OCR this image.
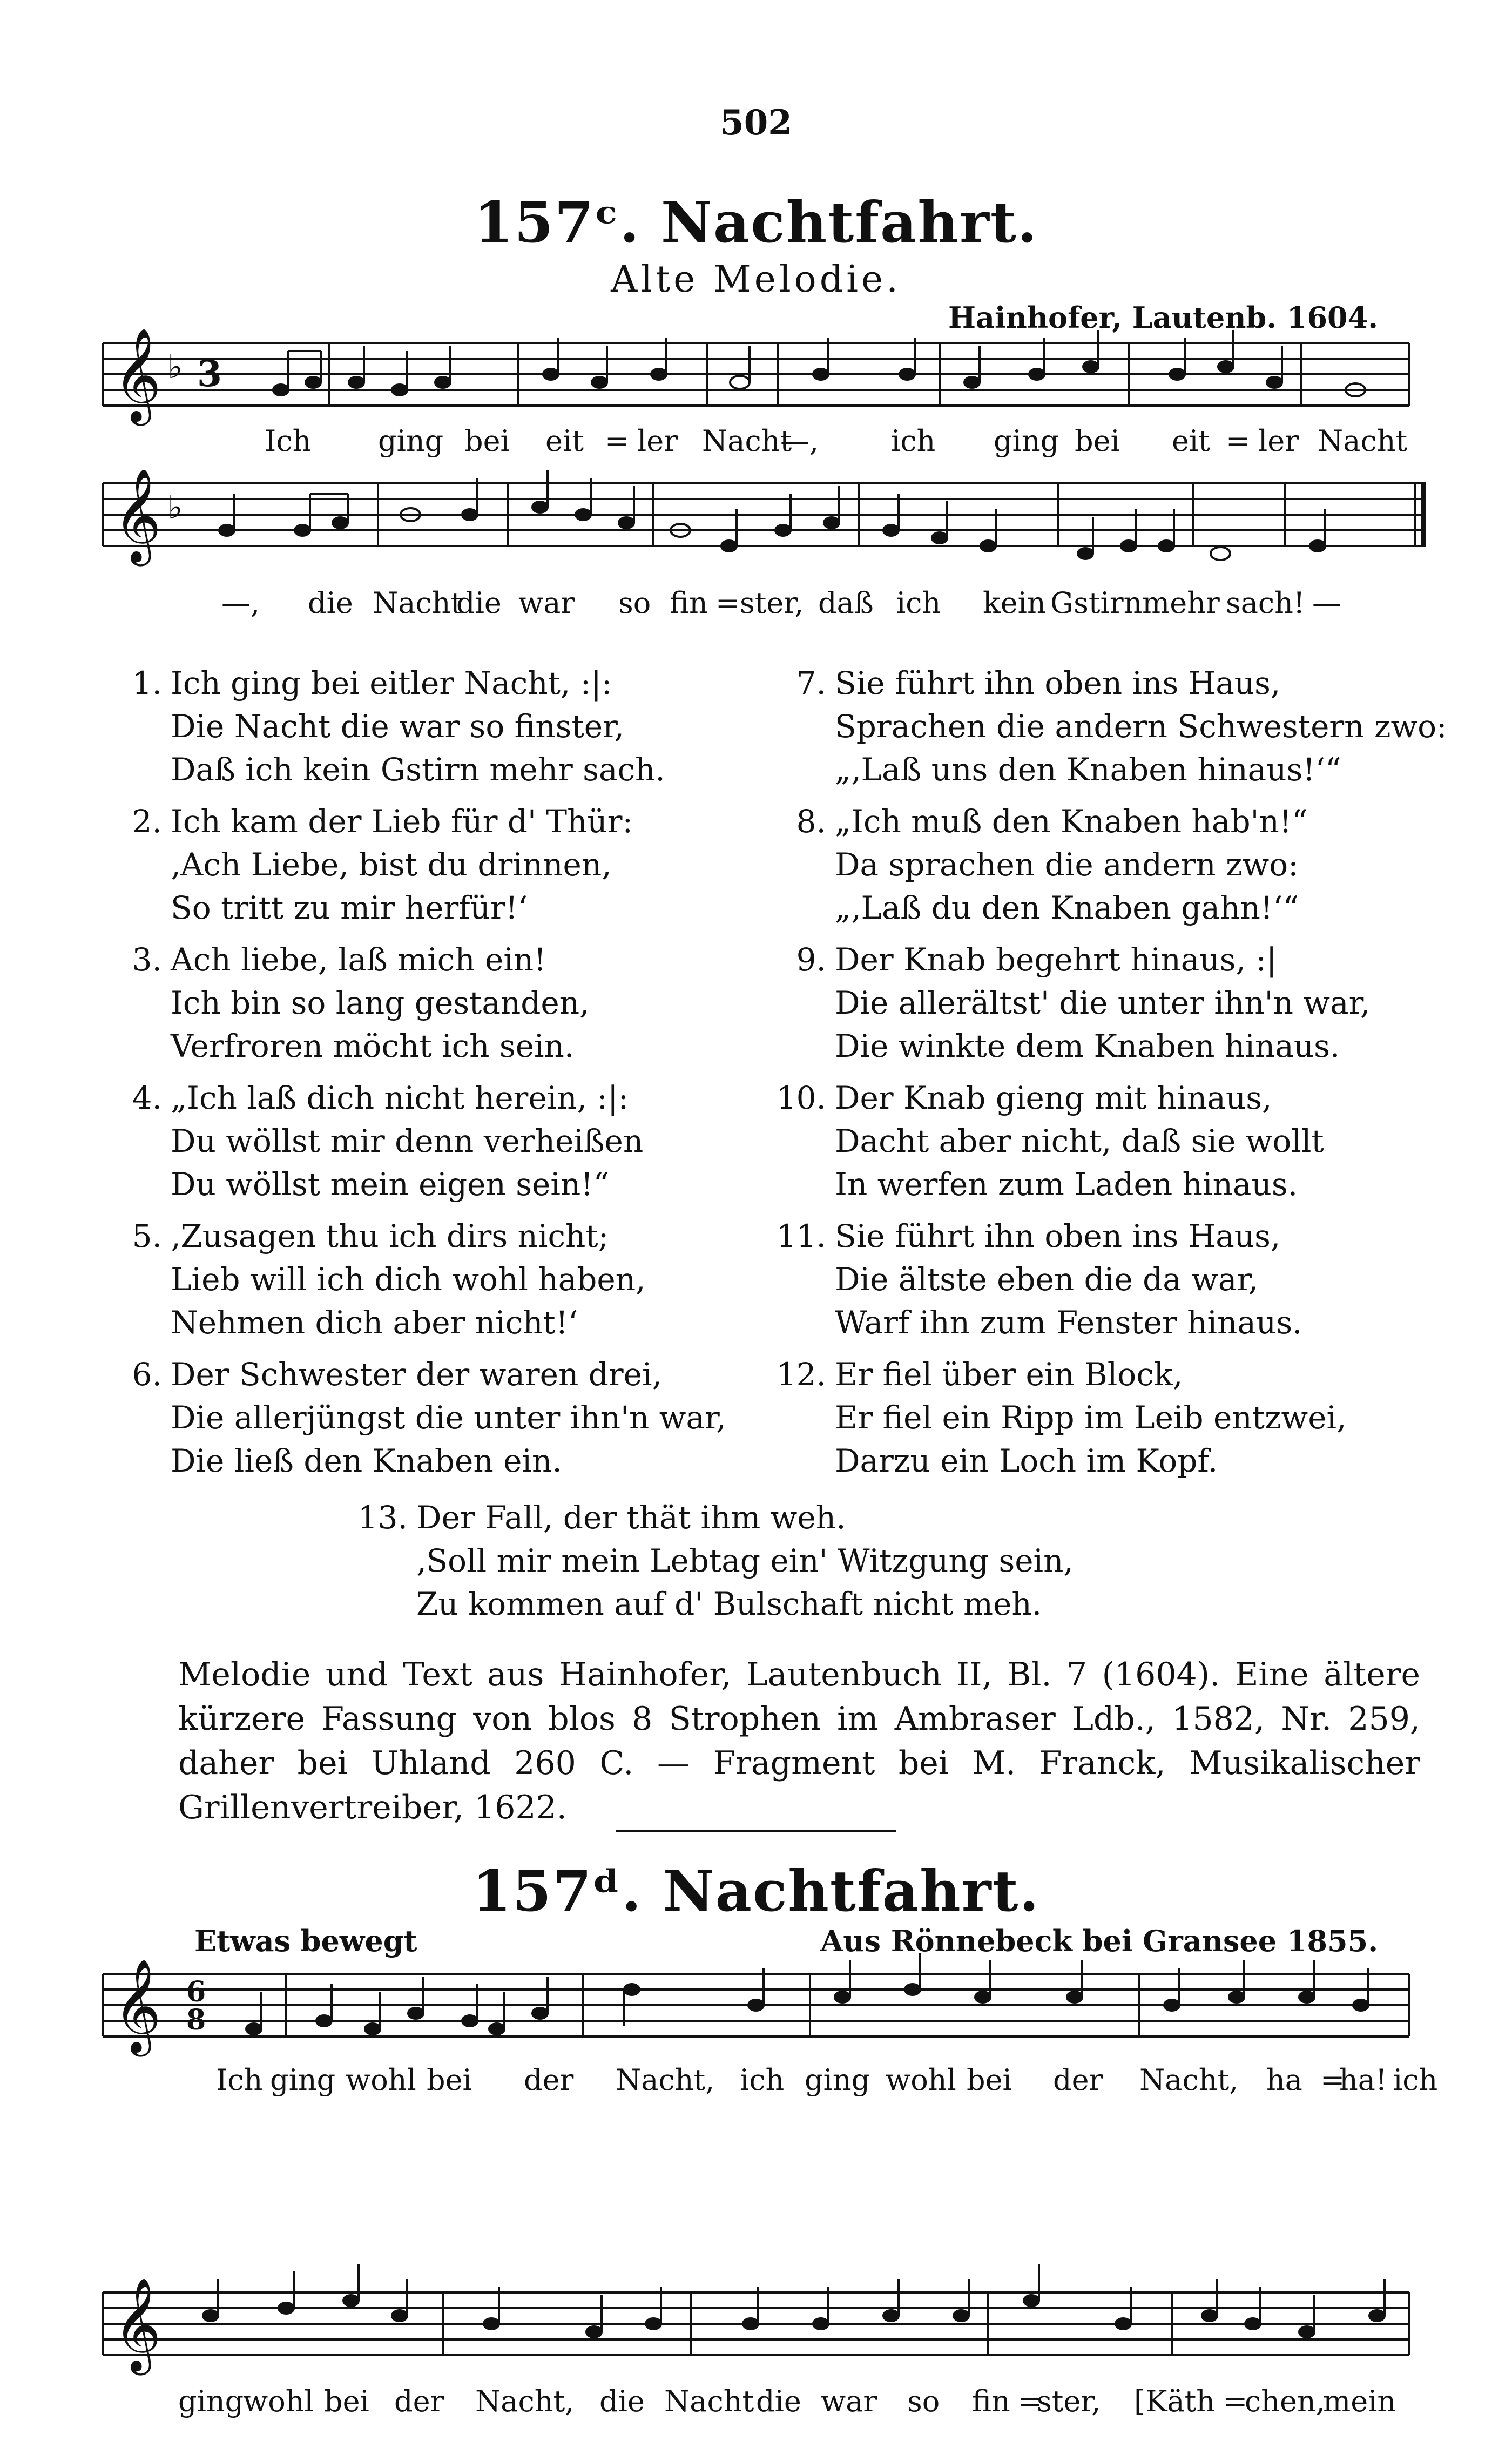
502
157ᶜ. Nachtfahrt.
Alte Melodie.
Hainhofer, Lautenb. 1604.
𝄞 ♭ 3
𝄞 ♭
𝄞 6
8
𝄞
Ich ging bei eit = ler Nacht
—, ich ging bei eit = ler Nacht
—, die Nacht
die war so fin = ster, daß ich kein Gstirn mehr sach! —
1. Ich ging bei eitler Nacht, :|:
Die Nacht die war so finster,
Daß ich kein Gstirn mehr sach.
2. Ich kam der Lieb für d' Thür:
‚Ach Liebe, bist du drinnen,
So tritt zu mir herfür!‘
3. Ach liebe, laß mich ein!
Ich bin so lang gestanden,
Verfroren möcht ich sein.
4. „Ich laß dich nicht herein, :|:
Du wöllst mir denn verheißen
Du wöllst mein eigen sein!“
5. ‚Zusagen thu ich dirs nicht;
Lieb will ich dich wohl haben,
Nehmen dich aber nicht!‘
6. Der Schwester der waren drei,
Die allerjüngst die unter ihn'n war,
Die ließ den Knaben ein.
7. Sie führt ihn oben ins Haus,
Sprachen die andern Schwestern zwo:
„‚Laß uns den Knaben hinaus!‘“
8. „Ich muß den Knaben hab'n!“
Da sprachen die andern zwo:
„‚Laß du den Knaben gahn!‘“
9. Der Knab begehrt hinaus, :|
Die allerältst' die unter ihn'n war,
Die winkte dem Knaben hinaus.
10. Der Knab gieng mit hinaus,
Dacht aber nicht, daß sie wollt
In werfen zum Laden hinaus.
11. Sie führt ihn oben ins Haus,
Die ältste eben die da war,
Warf ihn zum Fenster hinaus.
12. Er fiel über ein Block,
Er fiel ein Ripp im Leib entzwei,
Darzu ein Loch im Kopf.
13. Der Fall, der thät ihm weh.
‚Soll mir mein Lebtag ein' Witzgung sein,
Zu kommen auf d' Bulschaft nicht meh.
Melodie und Text aus Hainhofer, Lautenbuch II, Bl. 7 (1604). Eine ältere kürzere Fassung von blos 8 Strophen im Ambraser Ldb., 1582, Nr. 259, daher bei Uhland 260 C. — Fragment bei M. Franck, Musikalischer Grillenvertreiber, 1622.
157ᵈ. Nachtfahrt.
Etwas bewegt	Aus Rönnebeck bei Gransee 1855.
Ich ging wohl bei der Nacht, ich ging wohl bei der Nacht, ha =
ha! ich
ging
wohl bei der Nacht, die Nacht die war so fin =
ster, [Käth =
chen,
mein
